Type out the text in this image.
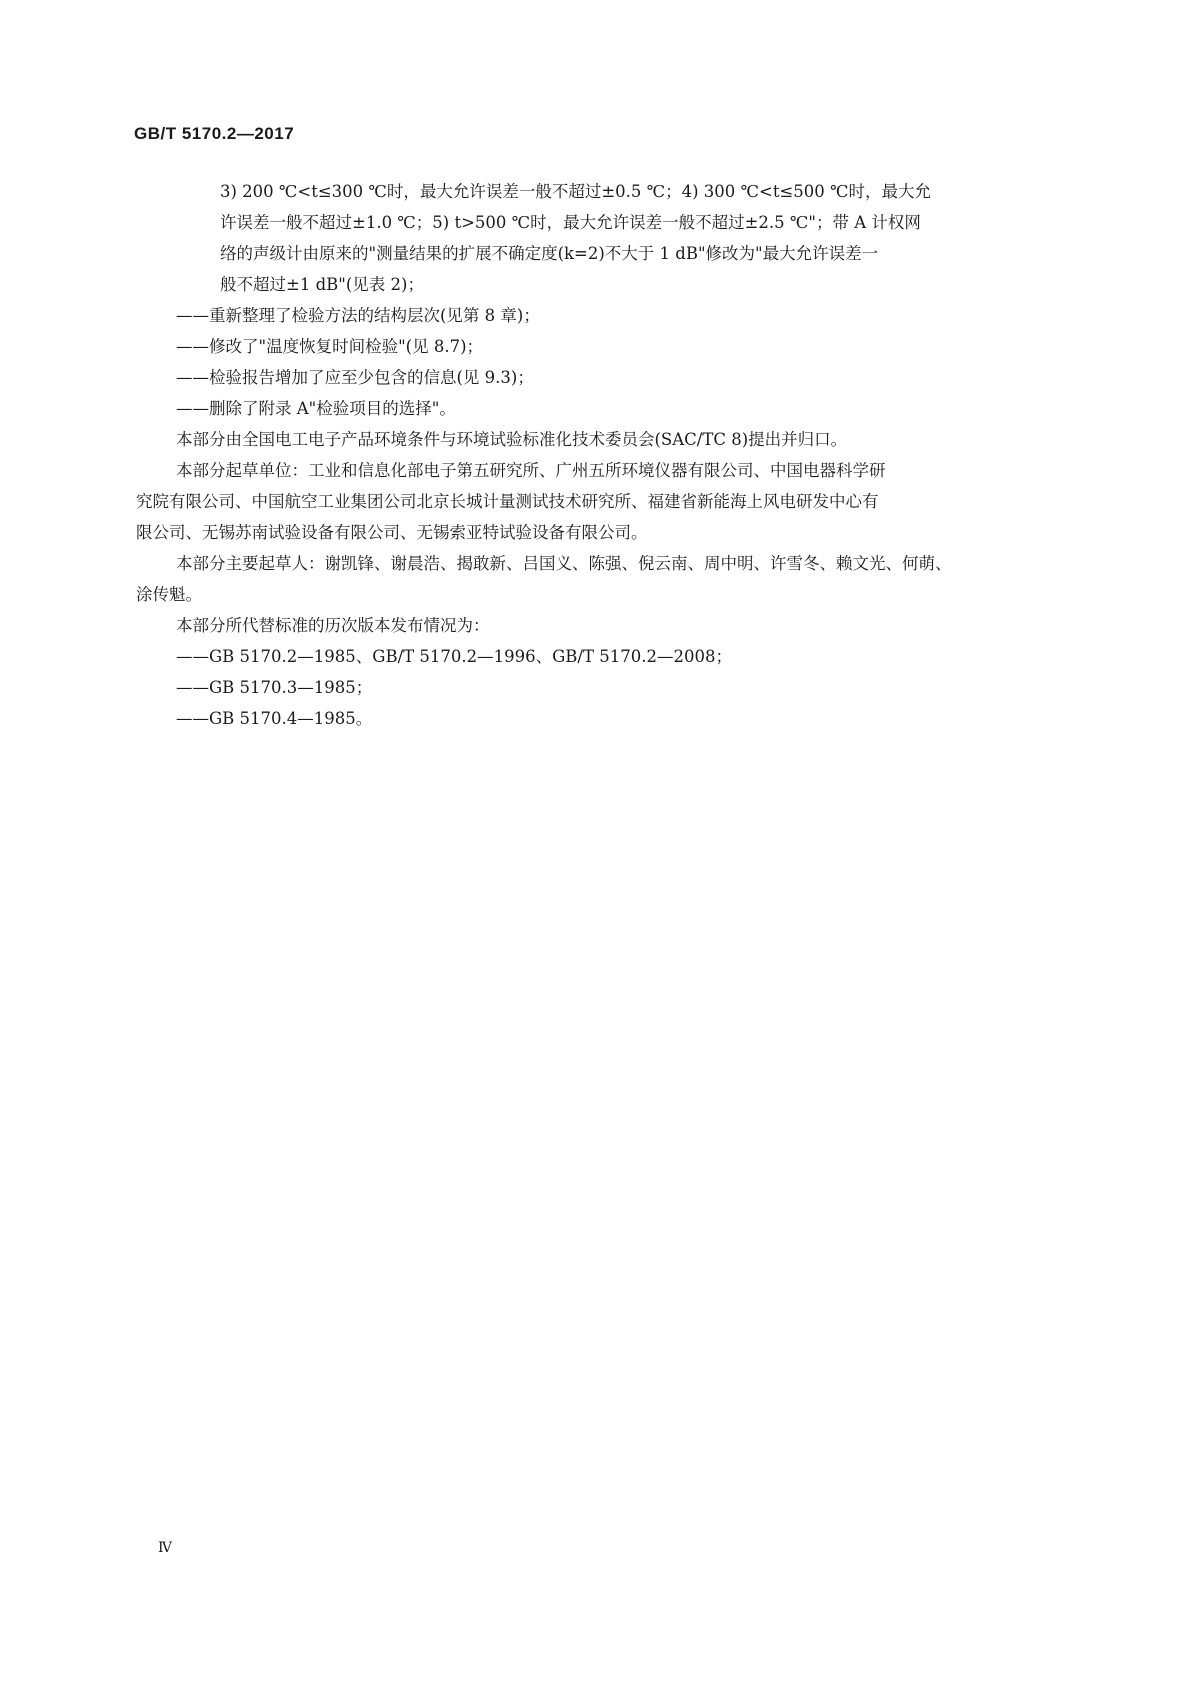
GB/T 5170.2—2017
3) 200 ℃<t≤300 ℃时，最大允许误差一般不超过±0.5 ℃；4) 300 ℃<t≤500 ℃时，最大允
许误差一般不超过±1.0 ℃；5) t>500 ℃时，最大允许误差一般不超过±2.5 ℃"；带 A 计权网
络的声级计由原来的"测量结果的扩展不确定度(k=2)不大于 1 dB"修改为"最大允许误差一
般不超过±1 dB"(见表 2)；
——重新整理了检验方法的结构层次(见第 8 章)；
——修改了"温度恢复时间检验"(见 8.7)；
——检验报告增加了应至少包含的信息(见 9.3)；
——删除了附录 A"检验项目的选择"。
本部分由全国电工电子产品环境条件与环境试验标准化技术委员会(SAC/TC 8)提出并归口。
本部分起草单位：工业和信息化部电子第五研究所、广州五所环境仪器有限公司、中国电器科学研
究院有限公司、中国航空工业集团公司北京长城计量测试技术研究所、福建省新能海上风电研发中心有
限公司、无锡苏南试验设备有限公司、无锡索亚特试验设备有限公司。
本部分主要起草人：谢凯锋、谢晨浩、揭敢新、吕国义、陈强、倪云南、周中明、许雪冬、赖文光、何萌、
涂传魁。
本部分所代替标准的历次版本发布情况为：
——GB 5170.2—1985、GB/T 5170.2—1996、GB/T 5170.2—2008；
——GB 5170.3—1985；
——GB 5170.4—1985。
Ⅳ
